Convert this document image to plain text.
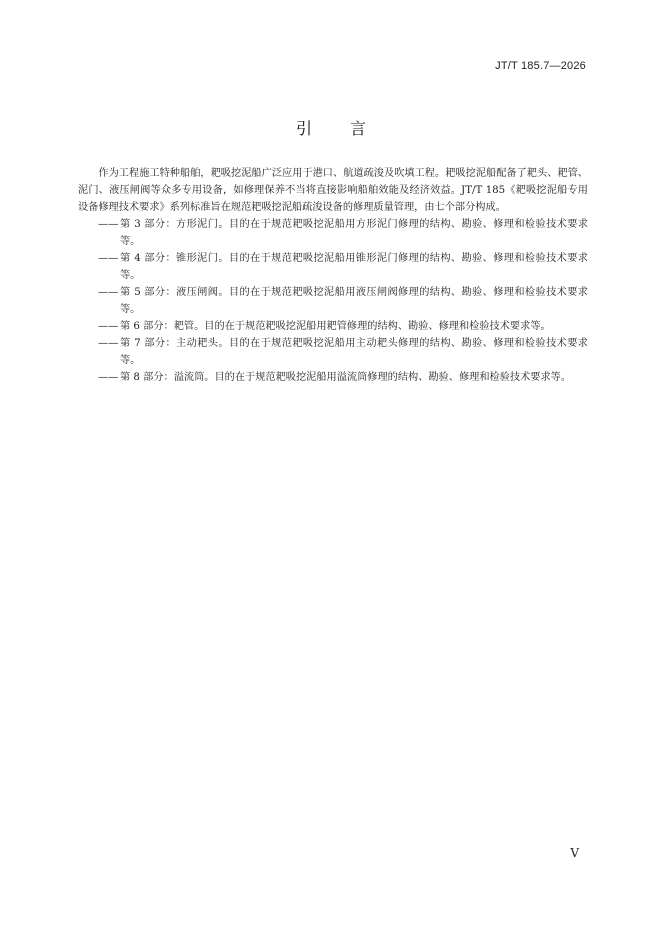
JT/T 185.7—2026
引言

作为工程施工特种船舶，耙吸挖泥船广泛应用于港口、航道疏浚及吹填工程。耙吸挖泥船配备了耙头、耙管、泥门、液压闸阀等众多专用设备，如修理保养不当将直接影响船舶效能及经济效益。JT/T 185《耙吸挖泥船专用设备修理技术要求》系列标准旨在规范耙吸挖泥船疏浚设备的修理质量管理，由七个部分构成。

—— 第 3 部分：方形泥门。目的在于规范耙吸挖泥船用方形泥门修理的结构、勘验、修理和检验技术要求等。
—— 第 4 部分：锥形泥门。目的在于规范耙吸挖泥船用锥形泥门修理的结构、勘验、修理和检验技术要求等。
—— 第 5 部分：液压闸阀。目的在于规范耙吸挖泥船用液压闸阀修理的结构、勘验、修理和检验技术要求等。
—— 第 6 部分：耙管。目的在于规范耙吸挖泥船用耙管修理的结构、勘验、修理和检验技术要求等。
—— 第 7 部分：主动耙头。目的在于规范耙吸挖泥船用主动耙头修理的结构、勘验、修理和检验技术要求等。
—— 第 8 部分：溢流筒。目的在于规范耙吸挖泥船用溢流筒修理的结构、勘验、修理和检验技术要求等。
V
